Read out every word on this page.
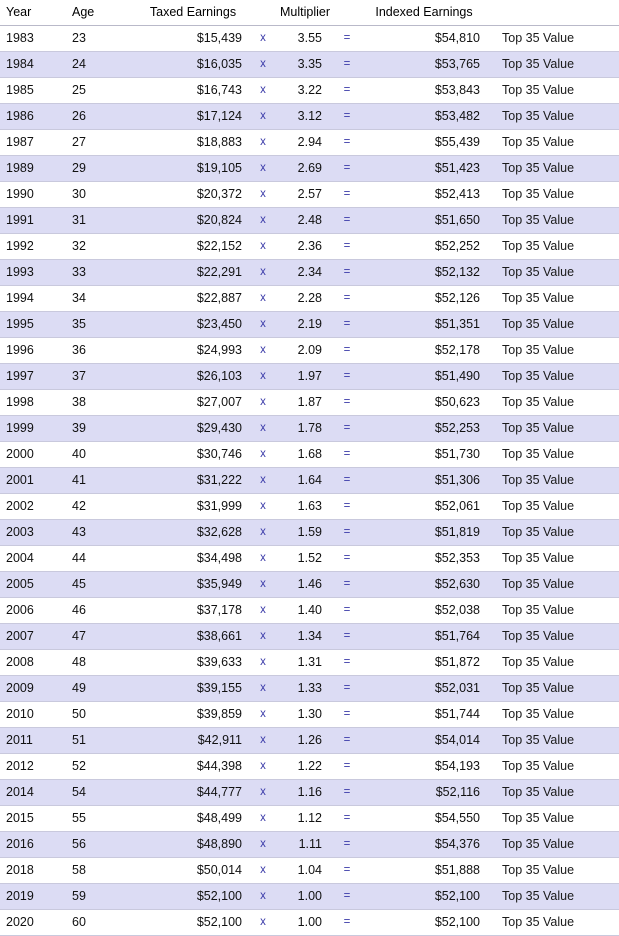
Year	Age	Taxed Earnings		Multiplier		Indexed Earnings	
1983	23	$15,439	x	3.55	=	$54,810	Top 35 Value
1984	24	$16,035	x	3.35	=	$53,765	Top 35 Value
1985	25	$16,743	x	3.22	=	$53,843	Top 35 Value
1986	26	$17,124	x	3.12	=	$53,482	Top 35 Value
1987	27	$18,883	x	2.94	=	$55,439	Top 35 Value
1989	29	$19,105	x	2.69	=	$51,423	Top 35 Value
1990	30	$20,372	x	2.57	=	$52,413	Top 35 Value
1991	31	$20,824	x	2.48	=	$51,650	Top 35 Value
1992	32	$22,152	x	2.36	=	$52,252	Top 35 Value
1993	33	$22,291	x	2.34	=	$52,132	Top 35 Value
1994	34	$22,887	x	2.28	=	$52,126	Top 35 Value
1995	35	$23,450	x	2.19	=	$51,351	Top 35 Value
1996	36	$24,993	x	2.09	=	$52,178	Top 35 Value
1997	37	$26,103	x	1.97	=	$51,490	Top 35 Value
1998	38	$27,007	x	1.87	=	$50,623	Top 35 Value
1999	39	$29,430	x	1.78	=	$52,253	Top 35 Value
2000	40	$30,746	x	1.68	=	$51,730	Top 35 Value
2001	41	$31,222	x	1.64	=	$51,306	Top 35 Value
2002	42	$31,999	x	1.63	=	$52,061	Top 35 Value
2003	43	$32,628	x	1.59	=	$51,819	Top 35 Value
2004	44	$34,498	x	1.52	=	$52,353	Top 35 Value
2005	45	$35,949	x	1.46	=	$52,630	Top 35 Value
2006	46	$37,178	x	1.40	=	$52,038	Top 35 Value
2007	47	$38,661	x	1.34	=	$51,764	Top 35 Value
2008	48	$39,633	x	1.31	=	$51,872	Top 35 Value
2009	49	$39,155	x	1.33	=	$52,031	Top 35 Value
2010	50	$39,859	x	1.30	=	$51,744	Top 35 Value
2011	51	$42,911	x	1.26	=	$54,014	Top 35 Value
2012	52	$44,398	x	1.22	=	$54,193	Top 35 Value
2014	54	$44,777	x	1.16	=	$52,116	Top 35 Value
2015	55	$48,499	x	1.12	=	$54,550	Top 35 Value
2016	56	$48,890	x	1.11	=	$54,376	Top 35 Value
2018	58	$50,014	x	1.04	=	$51,888	Top 35 Value
2019	59	$52,100	x	1.00	=	$52,100	Top 35 Value
2020	60	$52,100	x	1.00	=	$52,100	Top 35 Value
